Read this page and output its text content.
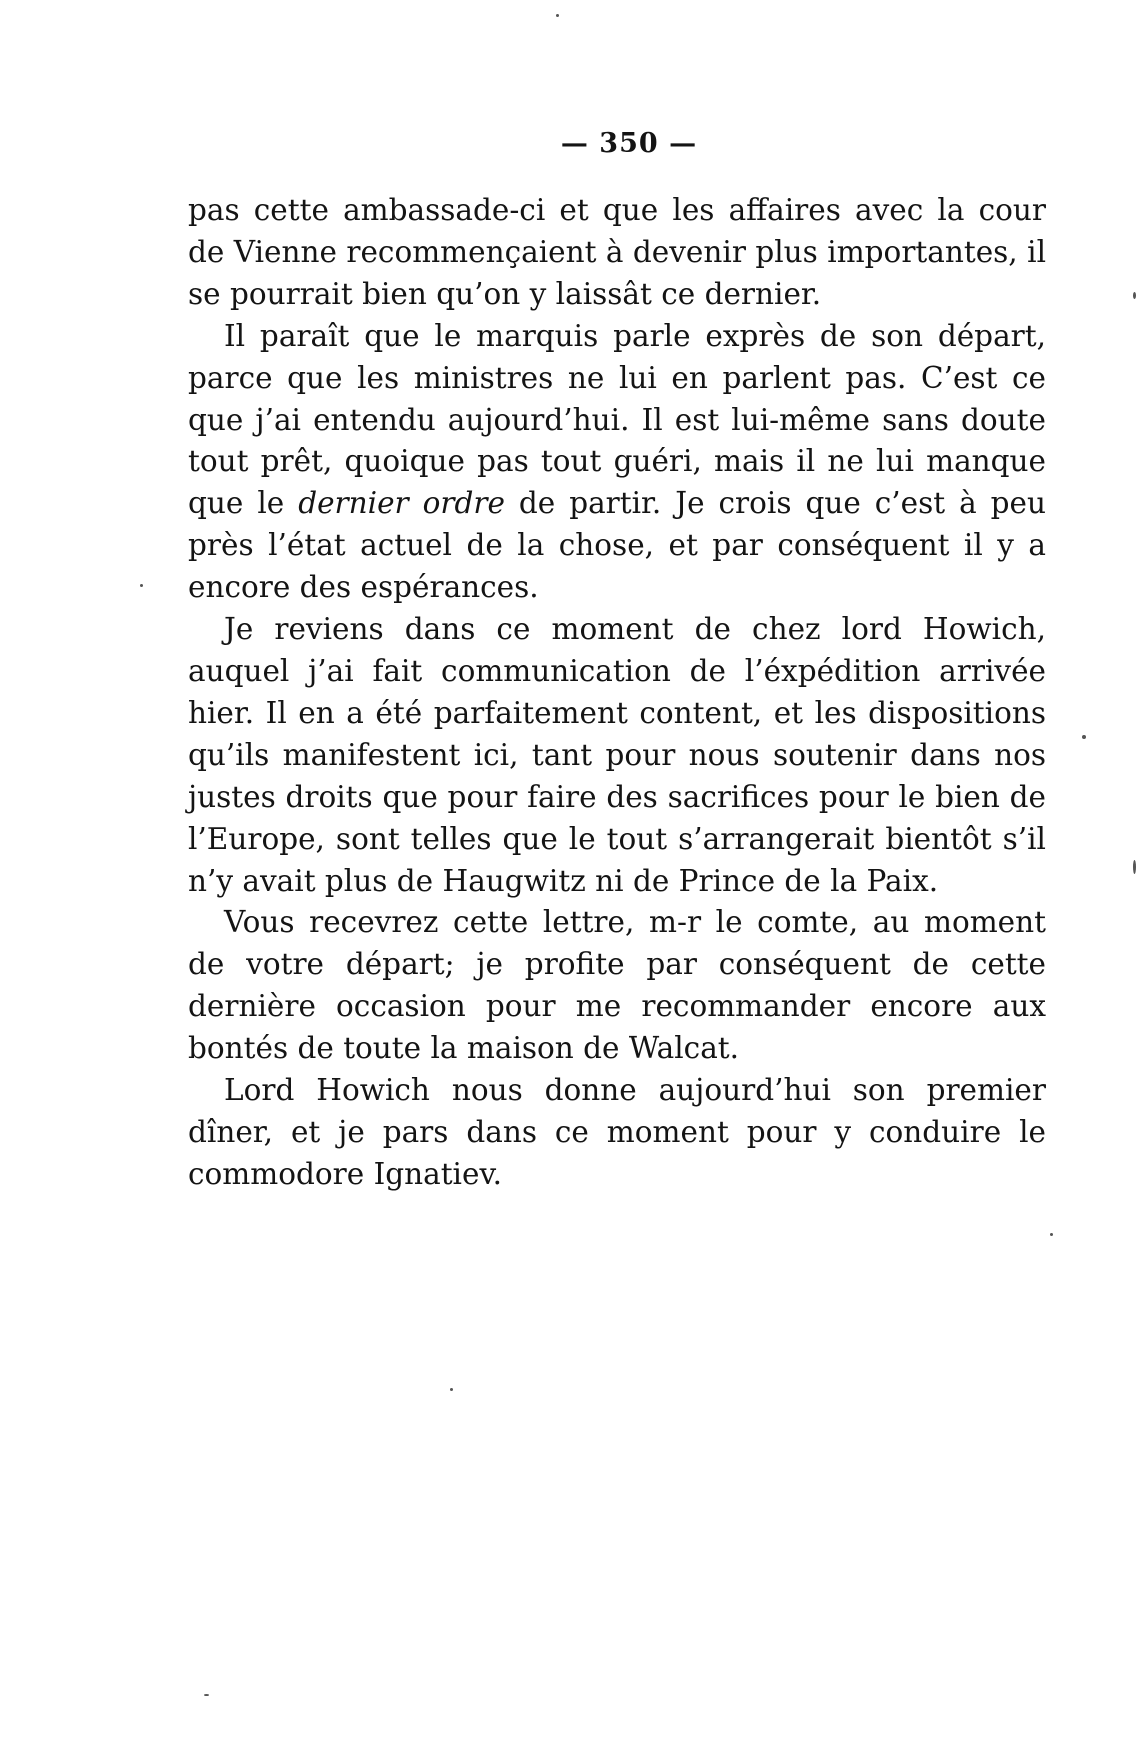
— 350 —

pas cette ambassade-ci et que les affaires avec la cour de Vienne recommençaient à devenir plus importantes, il se pourrait bien qu’on y laissât ce dernier.

Il paraît que le marquis parle exprès de son départ, parce que les ministres ne lui en parlent pas. C’est ce que j’ai entendu aujourd’hui. Il est lui-même sans doute tout prêt, quoique pas tout guéri, mais il ne lui manque que le dernier ordre de partir. Je crois que c’est à peu près l’état actuel de la chose, et par conséquent il y a encore des espérances.

Je reviens dans ce moment de chez lord Howich, auquel j’ai fait communication de l’éxpédition arrivée hier. Il en a été parfaitement content, et les dispositions qu’ils manifestent ici, tant pour nous soutenir dans nos justes droits que pour faire des sacrifices pour le bien de l’Europe, sont telles que le tout s’arrangerait bientôt s’il n’y avait plus de Haugwitz ni de Prince de la Paix.

Vous recevrez cette lettre, m-r le comte, au moment de votre départ; je profite par conséquent de cette dernière occasion pour me recommander encore aux bontés de toute la maison de Walcat.

Lord Howich nous donne aujourd’hui son premier dîner, et je pars dans ce moment pour y conduire le commodore Ignatiev.
